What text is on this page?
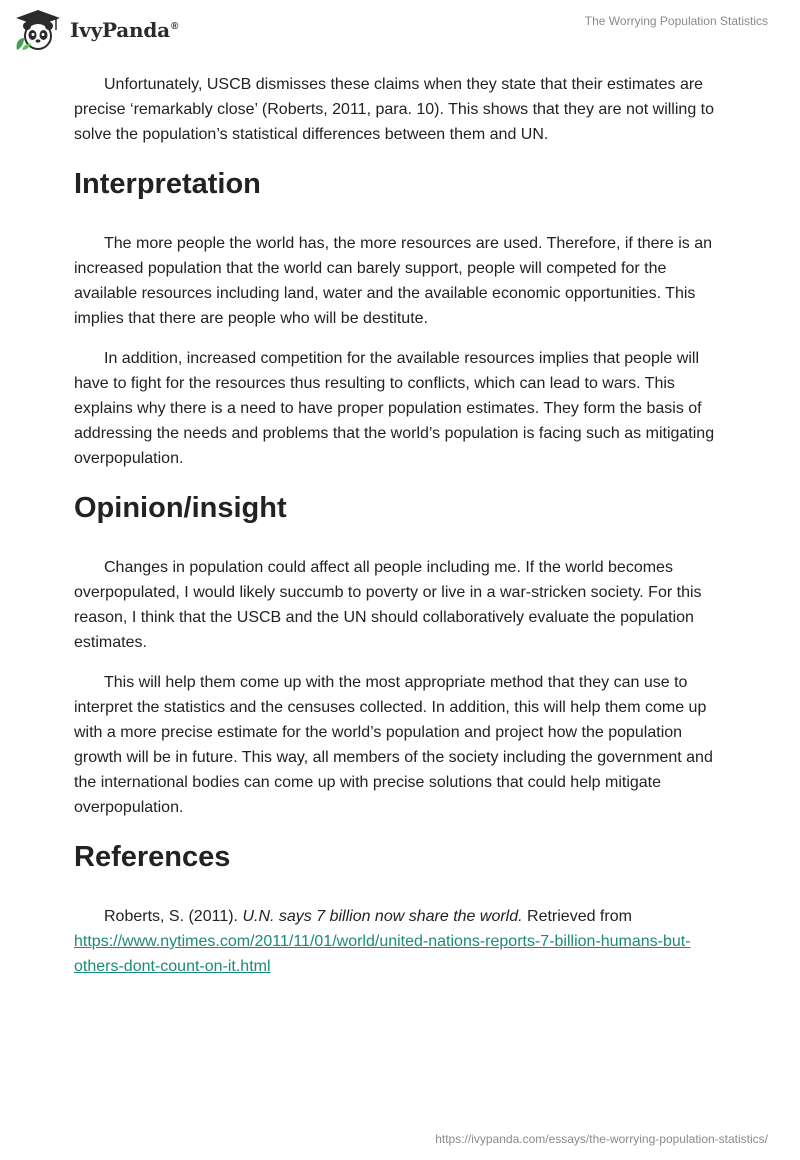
IvyPanda®	The Worrying Population Statistics

Unfortunately, USCB dismisses these claims when they state that their estimates are precise ‘remarkably close’ (Roberts, 2011, para. 10). This shows that they are not willing to solve the population’s statistical differences between them and UN.

Interpretation

The more people the world has, the more resources are used. Therefore, if there is an increased population that the world can barely support, people will competed for the available resources including land, water and the available economic opportunities. This implies that there are people who will be destitute.

In addition, increased competition for the available resources implies that people will have to fight for the resources thus resulting to conflicts, which can lead to wars. This explains why there is a need to have proper population estimates. They form the basis of addressing the needs and problems that the world’s population is facing such as mitigating overpopulation.

Opinion/insight

Changes in population could affect all people including me. If the world becomes overpopulated, I would likely succumb to poverty or live in a war-stricken society. For this reason, I think that the USCB and the UN should collaboratively evaluate the population estimates.

This will help them come up with the most appropriate method that they can use to interpret the statistics and the censuses collected. In addition, this will help them come up with a more precise estimate for the world’s population and project how the population growth will be in future. This way, all members of the society including the government and the international bodies can come up with precise solutions that could help mitigate overpopulation.

References

Roberts, S. (2011). U.N. says 7 billion now share the world. Retrieved from https://www.nytimes.com/2011/11/01/world/united-nations-reports-7-billion-humans-but-others-dont-count-on-it.html

https://ivypanda.com/essays/the-worrying-population-statistics/
